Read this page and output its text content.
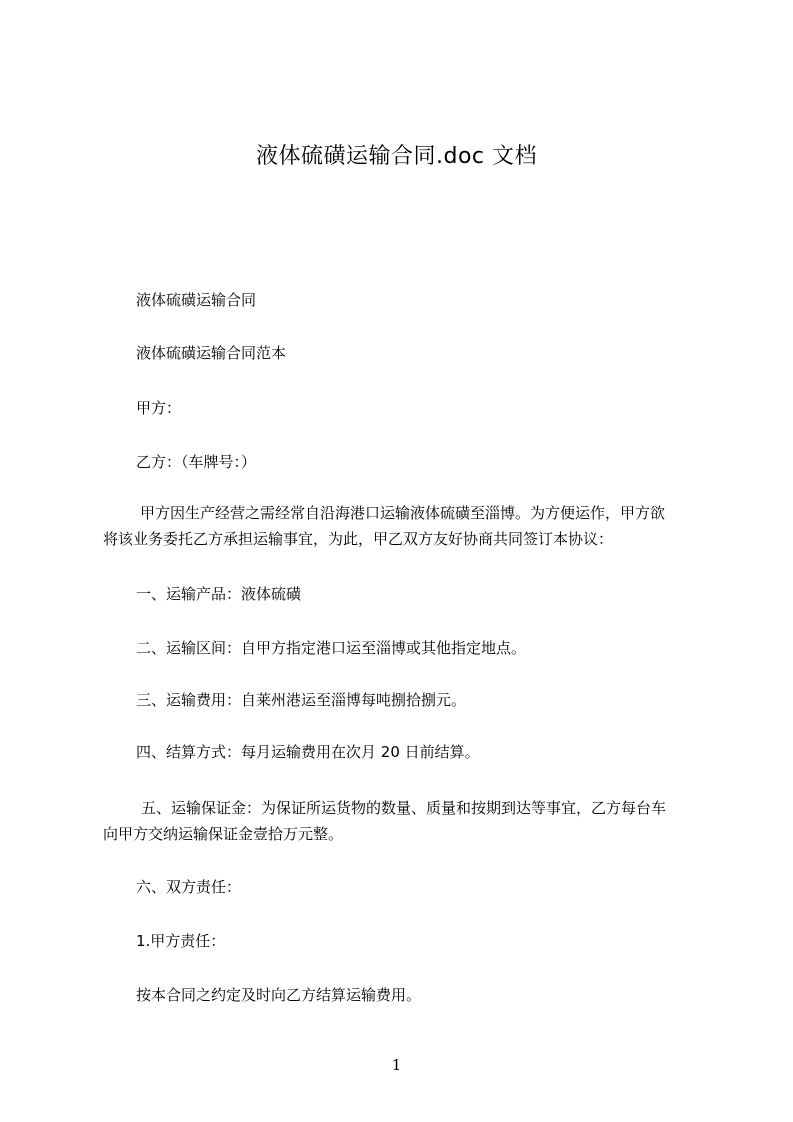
液体硫磺运输合同.doc 文档
液体硫磺运输合同
液体硫磺运输合同范本
甲方：
乙方：（车牌号：）
甲方因生产经营之需经常自沿海港口运输液体硫磺至淄博。为方便运作，甲方欲
将该业务委托乙方承担运输事宜，为此，甲乙双方友好协商共同签订本协议：
一、运输产品：液体硫磺
二、运输区间：自甲方指定港口运至淄博或其他指定地点。
三、运输费用：自莱州港运至淄博每吨捌拾捌元。
四、结算方式：每月运输费用在次月 20 日前结算。
五、运输保证金：为保证所运货物的数量、质量和按期到达等事宜，乙方每台车
向甲方交纳运输保证金壹拾万元整。
六、双方责任：
1.甲方责任：
按本合同之约定及时向乙方结算运输费用。
1
